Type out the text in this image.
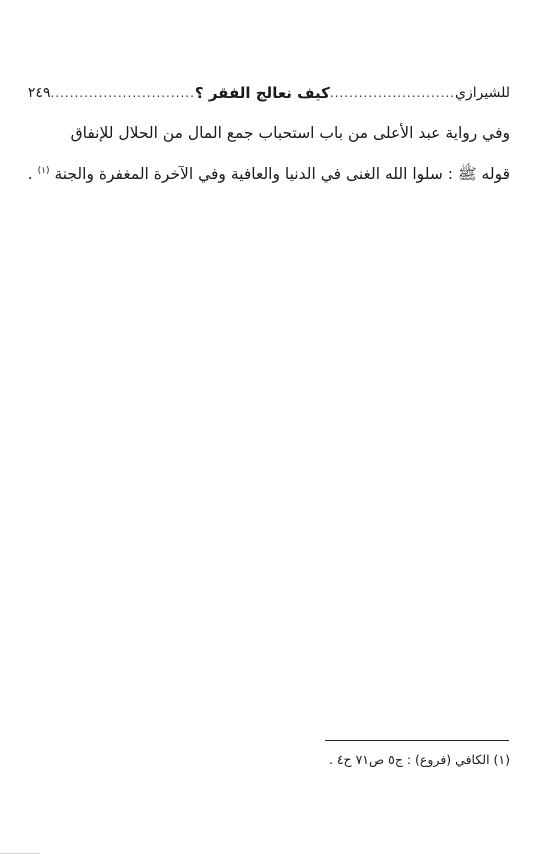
للشيرازي
..........................
كيف نعالج الفقر ؟
..............................
٢٤٩
وفي رواية عبد الأعلى من باب استحباب جمع المال من الحلال للإنفاق
قوله ﷺ : سلوا الله الغنى في الدنيا والعافية وفي الآخرة المغفرة والجنة $^{(١)}$ .
(١) الكافي (فروع) : ج٥ ص٧١ ح٤ .
